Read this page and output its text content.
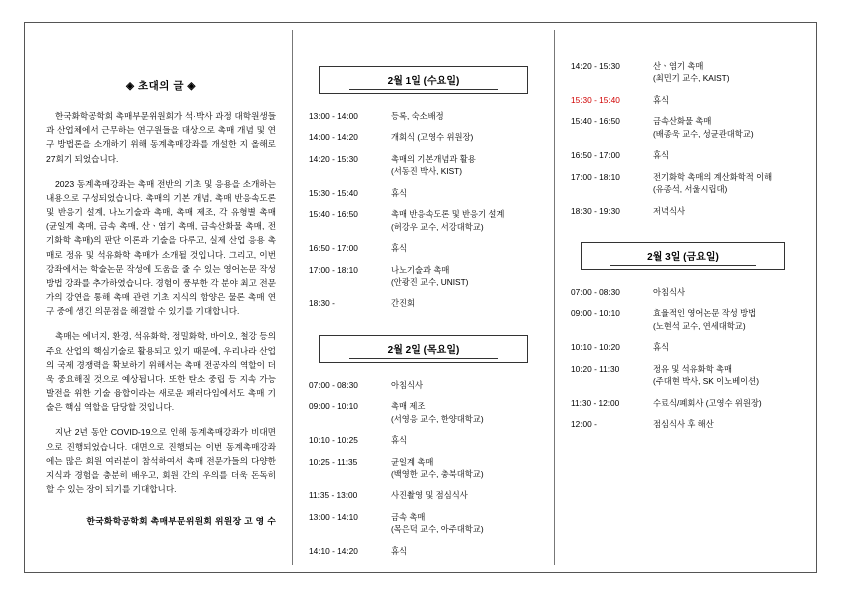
◈ 초대의 글 ◈

한국화학공학회 촉매부문위원회가 석·박사 과정 대학원생들과 산업체에서 근무하는 연구원들을 대상으로 촉매 개념 및 연구 방법론을 소개하기 위해 동계촉매강좌를 개설한 지 올해로 27회기 되었습니다.

2023 동계촉매강좌는 촉매 전반의 기초 및 응용을 소개하는 내용으로 구성되었습니다. 촉매의 기본 개념, 촉매 반응속도론 및 반응기 설계, 나노기술과 촉매, 촉매 제조, 각 유형별 촉매(균일계 촉매, 금속 촉매, 산ㆍ염기 촉매, 금속산화물 촉매, 전기화학 촉매)의 판단 이론과 기술을 다루고, 실제 산업 응용 촉매로 정유 및 석유화학 촉매가 소개될 것입니다. 그리고, 이번 강좌에서는 학술논문 작성에 도움을 줄 수 있는 영어논문 작성 방법 강좌를 추가하였습니다. 경험이 풍부한 각 분야 최고 전문가의 강연을 통해 촉매 관련 기초 지식의 함양은 물론 촉매 연구 중에 생긴 의문점을 해결할 수 있기를 기대합니다.

촉매는 에너지, 환경, 석유화학, 정밀화학, 바이오, 철강 등의 주요 산업의 핵심기술로 활용되고 있기 때문에, 우리나라 산업의 국제 경쟁력을 확보하기 위해서는 촉매 전공자의 역할이 더욱 중요해질 것으로 예상됩니다. 또한 탄소 중립 등 지속 가능 발전을 위한 기술 융합이라는 새로운 패러다임에서도 촉매 기술은 핵심 역할을 담당할 것입니다.

지난 2년 동안 COVID-19으로 인해 동계촉매강좌가 비대면으로 진행되었습니다. 대면으로 진행되는 이번 동계촉매강좌에는 많은 회원 여러분이 참석하여서 촉매 전문가들의 다양한 지식과 경험을 충분히 배우고, 회원 간의 우의를 더욱 돈독히 할 수 있는 장이 되기를 기대합니다.

한국화학공학회 촉매부문위원회 위원장 고 영 수
2월 1일 (수요일)
13:00 - 14:00	등록, 숙소배정
14:00 - 14:20	개회식 (고영수 위원장)
14:20 - 15:30	촉매의 기본개념과 활용
(서동진 박사, KIST)

15:30 - 15:40	휴식
15:40 - 16:50	촉매 반응속도론 및 반응기 설계
(허강우 교수, 서강대학교)

16:50 - 17:00	휴식
17:00 - 18:10	나노기술과 촉매
(안광진 교수, UNIST)

18:30 -	간진회
2월 2일 (목요일)
07:00 - 08:30	아침식사
09:00 - 10:10	촉매 제조
(서영응 교수, 한양대학교)

10:10 - 10:25	휴식
10:25 - 11:35	균일계 촉매
(백영한 교수, 충북대학교)

11:35 - 13:00	사진촬영 및 점심식사
13:00 - 14:10	금속 촉매
(목은덕 교수, 아주대학교)

14:10 - 14:20	휴식
14:20 - 15:30	산ㆍ염기 촉매
(최민기 교수, KAIST)

15:30 - 15:40	휴식
15:40 - 16:50	금속산화물 촉매
(배종욱 교수, 성균관대학교)

16:50 - 17:00	휴식
17:00 - 18:10	전기화학 촉매의 계산화학적 이해
(유종석, 서울시립대)

18:30 - 19:30	저녁식사
2월 3일 (금요일)
07:00 - 08:30	아침식사
09:00 - 10:10	효율적인 영어논문 작성 방법
(노현석 교수, 연세대학교)

10:10 - 10:20	휴식
10:20 - 11:30	정유 및 석유화학 촉매
(주대현 박사, SK 이노베이션)

11:30 - 12:00	수료식/폐회사 (고영수 위원장)
12:00 -	점심식사 후 해산
